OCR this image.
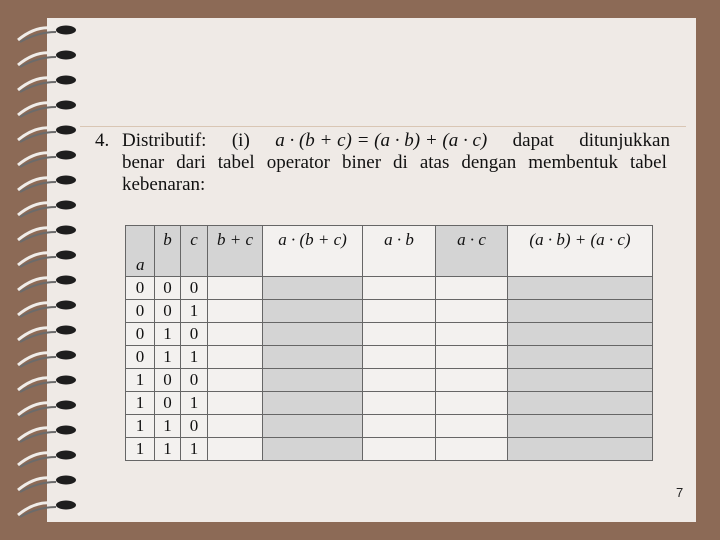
4. Distributif: (i) a · (b + c) = (a · b) + (a · c) dapat ditunjukkan
benar dari tabel operator biner di atas dengan membentuk tabel
kebenaran:
a	b	c	b + c	a · (b + c)	a · b	a · c	(a · b) + (a · c)
0	0	0					
0	0	1					
0	1	0					
0	1	1					
1	0	0					
1	0	1					
1	1	0					
1	1	1					
7
